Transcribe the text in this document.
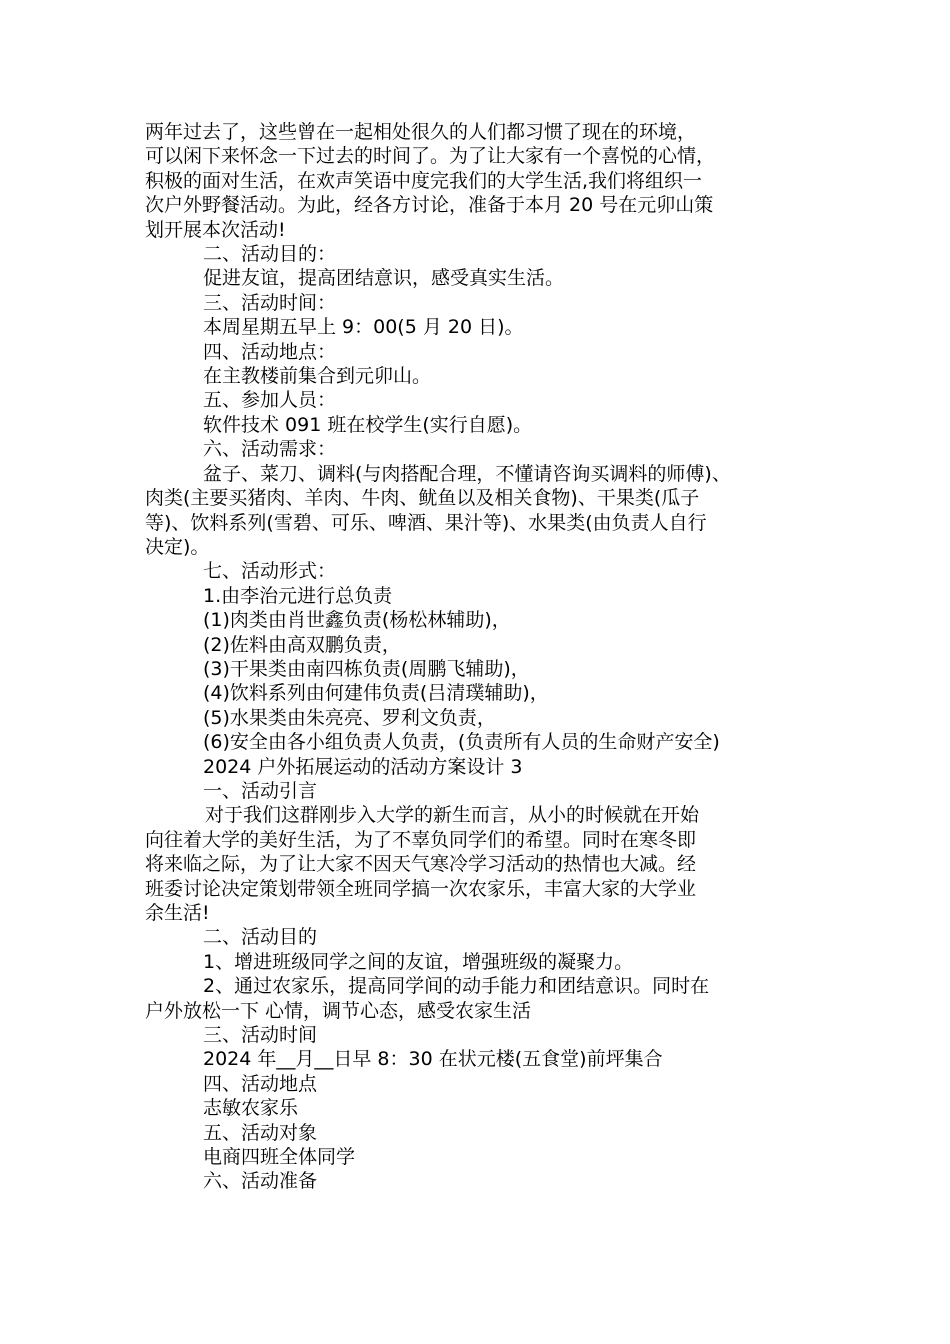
两年过去了，这些曾在一起相处很久的人们都习惯了现在的环境，
可以闲下来怀念一下过去的时间了。为了让大家有一个喜悦的心情，
积极的面对生活，在欢声笑语中度完我们的大学生活,我们将组织一
次户外野餐活动。为此，经各方讨论，准备于本月 20 号在元卯山策
划开展本次活动!
二、活动目的：
促进友谊，提高团结意识，感受真实生活。
三、活动时间：
本周星期五早上 9：00(5 月 20 日)。
四、活动地点：
在主教楼前集合到元卯山。
五、参加人员：
软件技术 091 班在校学生(实行自愿)。
六、活动需求：
盆子、菜刀、调料(与肉搭配合理，不懂请咨询买调料的师傅)、
肉类(主要买猪肉、羊肉、牛肉、鱿鱼以及相关食物)、干果类(瓜子
等)、饮料系列(雪碧、可乐、啤酒、果汁等)、水果类(由负责人自行
决定)。
七、活动形式：
1.由李治元进行总负责
(1)肉类由肖世鑫负责(杨松林辅助)，
(2)佐料由高双鹏负责，
(3)干果类由南四栋负责(周鹏飞辅助)，
(4)饮料系列由何建伟负责(吕清璞辅助)，
(5)水果类由朱亮亮、罗利文负责，
(6)安全由各小组负责人负责，(负责所有人员的生命财产安全)
2024 户外拓展运动的活动方案设计 3
一、活动引言
对于我们这群刚步入大学的新生而言，从小的时候就在开始
向往着大学的美好生活，为了不辜负同学们的希望。同时在寒冬即
将来临之际，为了让大家不因天气寒冷学习活动的热情也大减。经
班委讨论决定策划带领全班同学搞一次农家乐，丰富大家的大学业
余生活!
二、活动目的
1、增进班级同学之间的友谊，增强班级的凝聚力。
2、通过农家乐，提高同学间的动手能力和团结意识。同时在
户外放松一下 心情，调节心态，感受农家生活
三、活动时间
2024 年__月__日早 8：30 在状元楼(五食堂)前坪集合
四、活动地点
志敏农家乐
五、活动对象
电商四班全体同学
六、活动准备
